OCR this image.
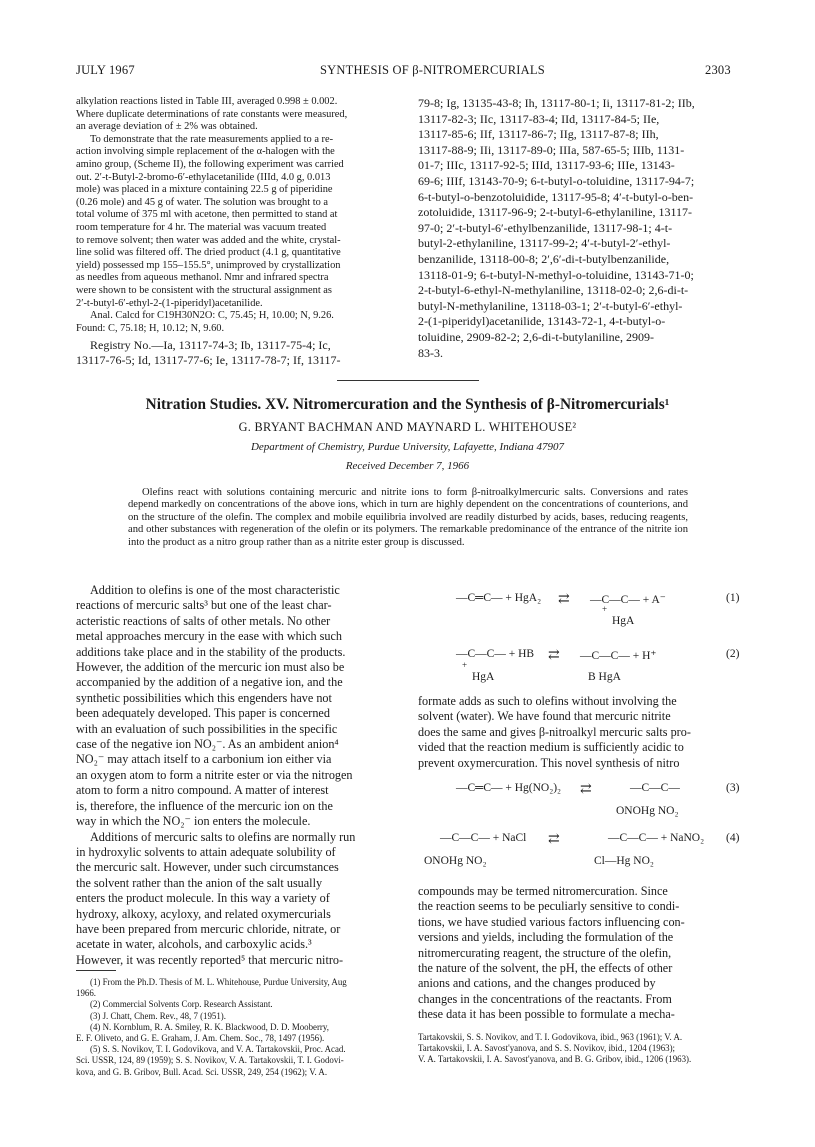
JULY 1967	SYNTHESIS OF β-NITROMERCURIALS	2303
alkylation reactions listed in Table III, averaged 0.998 ± 0.002.
Where duplicate determinations of rate constants were measured,
an average deviation of ± 2% was obtained.
To demonstrate that the rate measurements applied to a re-
action involving simple replacement of the α-halogen with the
amino group, (Scheme II), the following experiment was carried
out. 2′-t-Butyl-2-bromo-6′-ethylacetanilide (IIId, 4.0 g, 0.013
mole) was placed in a mixture containing 22.5 g of piperidine
(0.26 mole) and 45 g of water. The solution was brought to a
total volume of 375 ml with acetone, then permitted to stand at
room temperature for 4 hr. The material was vacuum treated
to remove solvent; then water was added and the white, crystal-
line solid was filtered off. The dried product (4.1 g, quantitative
yield) possessed mp 155–155.5°, unimproved by crystallization
as needles from aqueous methanol. Nmr and infrared spectra
were shown to be consistent with the structural assignment as
2′-t-butyl-6′-ethyl-2-(1-piperidyl)acetanilide.
Anal. Calcd for C19H30N2O: C, 75.45; H, 10.00; N, 9.26.
Found: C, 75.18; H, 10.12; N, 9.60.
Registry No.—Ia, 13117-74-3; Ib, 13117-75-4; Ic,
13117-76-5; Id, 13117-77-6; Ie, 13117-78-7; If, 13117-
79-8; Ig, 13135-43-8; Ih, 13117-80-1; Ii, 13117-81-2; IIb,
13117-82-3; IIc, 13117-83-4; IId, 13117-84-5; IIe,
13117-85-6; IIf, 13117-86-7; IIg, 13117-87-8; IIh,
13117-88-9; IIi, 13117-89-0; IIIa, 587-65-5; IIIb, 1131-
01-7; IIIc, 13117-92-5; IIId, 13117-93-6; IIIe, 13143-
69-6; IIIf, 13143-70-9; 6-t-butyl-o-toluidine, 13117-94-7;
6-t-butyl-o-benzotoluidide, 13117-95-8; 4′-t-butyl-o-ben-
zotoluidide, 13117-96-9; 2-t-butyl-6-ethylaniline, 13117-
97-0; 2′-t-butyl-6′-ethylbenzanilide, 13117-98-1; 4-t-
butyl-2-ethylaniline, 13117-99-2; 4′-t-butyl-2′-ethyl-
benzanilide, 13118-00-8; 2′,6′-di-t-butylbenzanilide,
13118-01-9; 6-t-butyl-N-methyl-o-toluidine, 13143-71-0;
2-t-butyl-6-ethyl-N-methylaniline, 13118-02-0; 2,6-di-t-
butyl-N-methylaniline, 13118-03-1; 2′-t-butyl-6′-ethyl-
2-(1-piperidyl)acetanilide, 13143-72-1, 4-t-butyl-o-
toluidine, 2909-82-2; 2,6-di-t-butylaniline, 2909-
83-3.
Nitration Studies. XV. Nitromercuration and the Synthesis of β-Nitromercurials¹
G. BRYANT BACHMAN AND MAYNARD L. WHITEHOUSE²
Department of Chemistry, Purdue University, Lafayette, Indiana 47907
Received December 7, 1966
Olefins react with solutions containing mercuric and nitrite ions to form β-nitroalkylmercuric salts. Conversions and rates depend markedly on concentrations of the above ions, which in turn are highly dependent on the concentrations of counterions, and on the structure of the olefin. The complex and mobile equilibria involved are readily disturbed by acids, bases, reducing reagents, and other substances with regeneration of the olefin or its polymers. The remarkable predominance of the entrance of the nitrite ion into the product as a nitro group rather than as a nitrite ester group is discussed.
Addition to olefins is one of the most characteristic
reactions of mercuric salts³ but one of the least char-
acteristic reactions of salts of other metals. No other
metal approaches mercury in the ease with which such
additions take place and in the stability of the products.
However, the addition of the mercuric ion must also be
accompanied by the addition of a negative ion, and the
synthetic possibilities which this engenders have not
been adequately developed. This paper is concerned
with an evaluation of such possibilities in the specific
case of the negative ion NO₂⁻. As an ambident anion⁴
NO₂⁻ may attach itself to a carbonium ion either via
an oxygen atom to form a nitrite ester or via the nitrogen
atom to form a nitro compound. A matter of interest
is, therefore, the influence of the mercuric ion on the
way in which the NO₂⁻ ion enters the molecule.
Additions of mercuric salts to olefins are normally run
in hydroxylic solvents to attain adequate solubility of
the mercuric salt. However, under such circumstances
the solvent rather than the anion of the salt usually
enters the product molecule. In this way a variety of
hydroxy, alkoxy, acyloxy, and related oxymercurials
have been prepared from mercuric chloride, nitrate, or
acetate in water, alcohols, and carboxylic acids.³
However, it was recently reported⁵ that mercuric nitro-
(1) From the Ph.D. Thesis of M. L. Whitehouse, Purdue University, Aug
1966.
(2) Commercial Solvents Corp. Research Assistant.
(3) J. Chatt, Chem. Rev., 48, 7 (1951).
(4) N. Kornblum, R. A. Smiley, R. K. Blackwood, D. D. Mooberry,
E. F. Oliveto, and G. E. Graham, J. Am. Chem. Soc., 78, 1497 (1956).
(5) S. S. Novikov, T. I. Godovikova, and V. A. Tartakovskii, Proc. Acad.
Sci. USSR, 124, 89 (1959); S. S. Novikov, V. A. Tartakovskii, T. I. Godovi-
kova, and G. B. Gribov, Bull. Acad. Sci. USSR, 249, 254 (1962); V. A.
—C═C— + HgA₂ ⇄ —C—C— + A⁻
+
HgA
(1)
—C—C— + HB
+
HgA
⇄ —C—C— + H⁺
B HgA
(2)
formate adds as such to olefins without involving the
solvent (water). We have found that mercuric nitrite
does the same and gives β-nitroalkyl mercuric salts pro-
vided that the reaction medium is sufficiently acidic to
prevent oxymercuration. This novel synthesis of nitro
—C═C— + Hg(NO₂)₂ ⇄	—C—C—
ONOHg NO₂
(3)
—C—C— + NaCl
ONOHg NO₂
⇄	—C—C— + NaNO₂
Cl—Hg NO₂
(4)
compounds may be termed nitromercuration. Since
the reaction seems to be peculiarly sensitive to condi-
tions, we have studied various factors influencing con-
versions and yields, including the formulation of the
nitromercurating reagent, the structure of the olefin,
the nature of the solvent, the pH, the effects of other
anions and cations, and the changes produced by
changes in the concentrations of the reactants. From
these data it has been possible to formulate a mecha-
Tartakovskii, S. S. Novikov, and T. I. Godovikova, ibid., 963 (1961); V. A.
Tartakovskii, I. A. Savost'yanova, and S. S. Novikov, ibid., 1204 (1963);
V. A. Tartakovskii, I. A. Savost'yanova, and B. G. Gribov, ibid., 1206 (1963).
